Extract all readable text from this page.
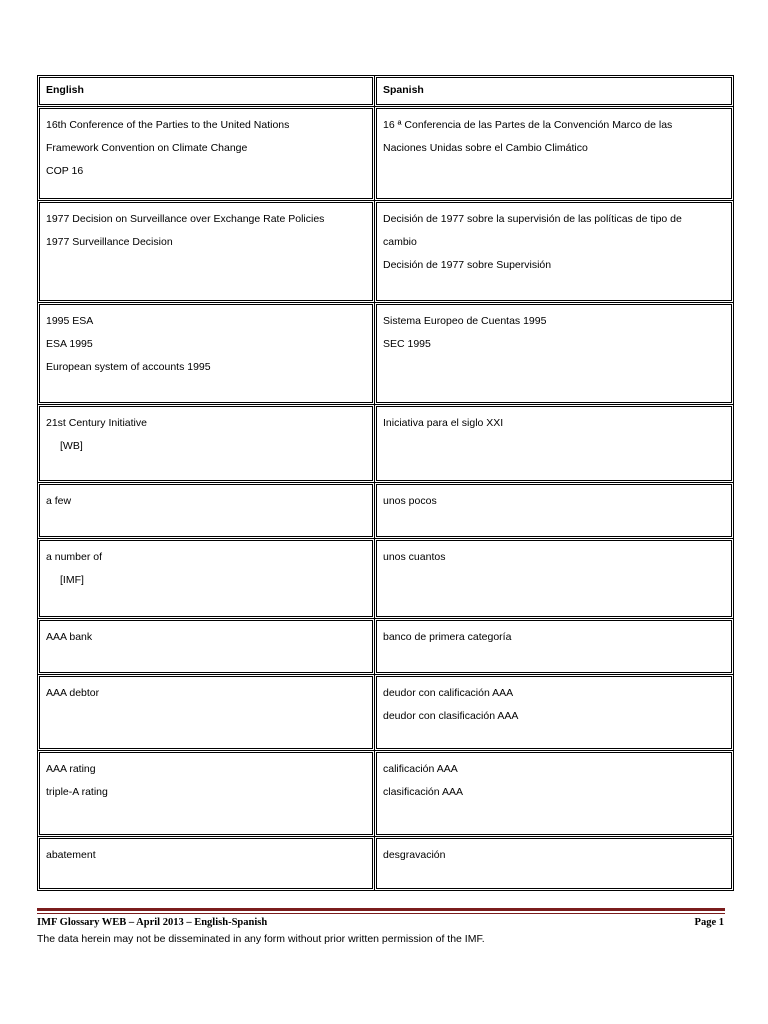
English	Spanish

16th Conference of the Parties to the United Nations
Framework Convention on Climate Change
COP 16	16 ª Conferencia de las Partes de la Convención Marco de las
Naciones Unidas sobre el Cambio Climático

1977 Decision on Surveillance over Exchange Rate Policies
1977 Surveillance Decision	Decisión de 1977 sobre la supervisión de las políticas de tipo de
cambio
Decisión de 1977 sobre Supervisión

1995 ESA
ESA 1995
European system of accounts 1995	Sistema Europeo de Cuentas 1995
SEC 1995

21st Century Initiative
[WB]	Iniciativa para el siglo XXI

a few	unos pocos

a number of
[IMF]	unos cuantos

AAA bank	banco de primera categoría

AAA debtor	deudor con calificación AAA
deudor con clasificación AAA

AAA rating
triple-A rating	calificación AAA
clasificación AAA

abatement	desgravación
IMF Glossary WEB – April 2013 – English-Spanish	Page 1
The data herein may not be disseminated in any form without prior written permission of the IMF.
